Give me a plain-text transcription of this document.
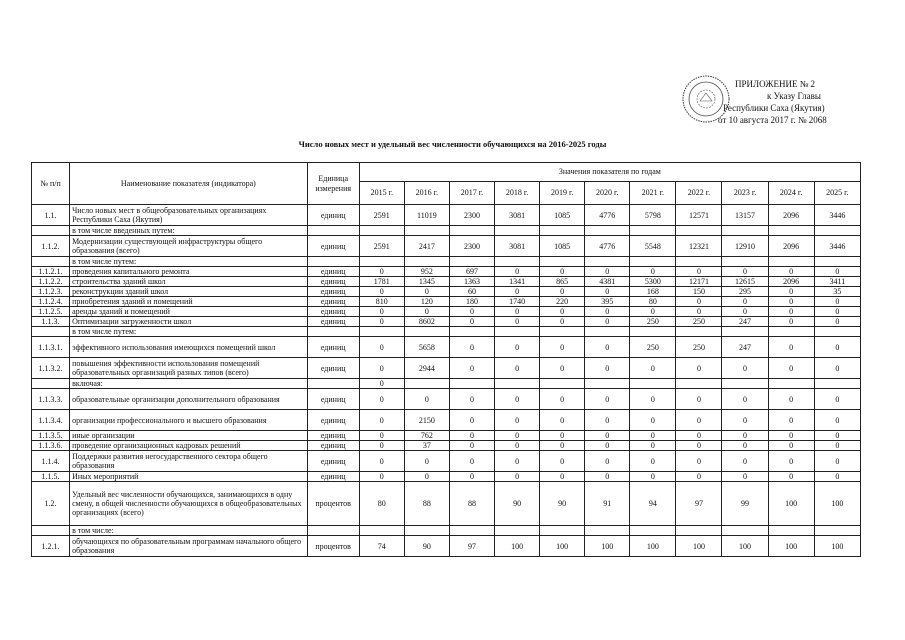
ПРИЛОЖЕНИЕ № 2
к Указу Главы
Республики Саха (Якутия)
от 10 августа 2017 г. № 2068
Число новых мест и удельный вес численности обучающихся на 2016-2025 годы
№ п/п	Наименование показателя (индикатора)	Единица измерения	Значения показателя по годам										
			2015 г.	2016 г.	2017 г.	2018 г.	2019 г.	2020 г.	2021 г.	2022 г.	2023 г.	2024 г.	2025 г.
1.1.	Число новых мест в общеобразовательных организациях Республики Саха (Якутия)	единиц	2591	11019	2300	3081	1085	4776	5798	12571	13157	2096	3446
	в том числе введенных путем:												
1.1.2.	Модернизации существующей инфраструктуры общего образования (всего)	единиц	2591	2417	2300	3081	1085	4776	5548	12321	12910	2096	3446
	в том числе путем:												
1.1.2.1.	проведения капитального ремонта	единиц	0	952	697	0	0	0	0	0	0	0	0
1.1.2.2.	строительства зданий школ	единиц	1781	1345	1363	1341	865	4381	5300	12171	12615	2096	3411
1.1.2.3.	реконструкции зданий школ	единиц	0	0	60	0	0	0	168	150	295	0	35
1.1.2.4.	приобретения зданий и помещений	единиц	810	120	180	1740	220	395	80	0	0	0	0
1.1.2.5.	аренды зданий и помещений	единиц	0	0	0	0	0	0	0	0	0	0	0
1.1.3.	Оптимизации загруженности школ	единиц	0	8602	0	0	0	0	250	250	247	0	0
	в том числе путем:												
1.1.3.1.	эффективного использования имеющихся помещений школ	единиц	0	5658	0	0	0	0	250	250	247	0	0
1.1.3.2.	повышения эффективности использования помещений образовательных организаций разных типов (всего)	единиц	0	2944	0	0	0	0	0	0	0	0	0
	включая:		0										
1.1.3.3.	образовательные организации дополнительного образования	единиц	0	0	0	0	0	0	0	0	0	0	0
1.1.3.4.	организации профессионального и высшего образования	единиц	0	2150	0	0	0	0	0	0	0	0	0
1.1.3.5.	иные организации	единиц	0	762	0	0	0	0	0	0	0	0	0
1.1.3.6.	проведение организационных кадровых решений	единиц	0	37	0	0	0	0	0	0	0	0	0
1.1.4.	Поддержки развития негосударственного сектора общего образования	единиц	0	0	0	0	0	0	0	0	0	0	0
1.1.5.	Иных мероприятий	единиц	0	0	0	0	0	0	0	0	0	0	0
1.2.	Удельный вес численности обучающихся, занимающихся в одну смену, в общей численности обучающихся в общеобразовательных организациях (всего)	процентов	80	88	88	90	90	91	94	97	99	100	100
	в том числе:												
1.2.1.	обучающихся по образовательным программам начального общего образования	процентов	74	90	97	100	100	100	100	100	100	100	100
